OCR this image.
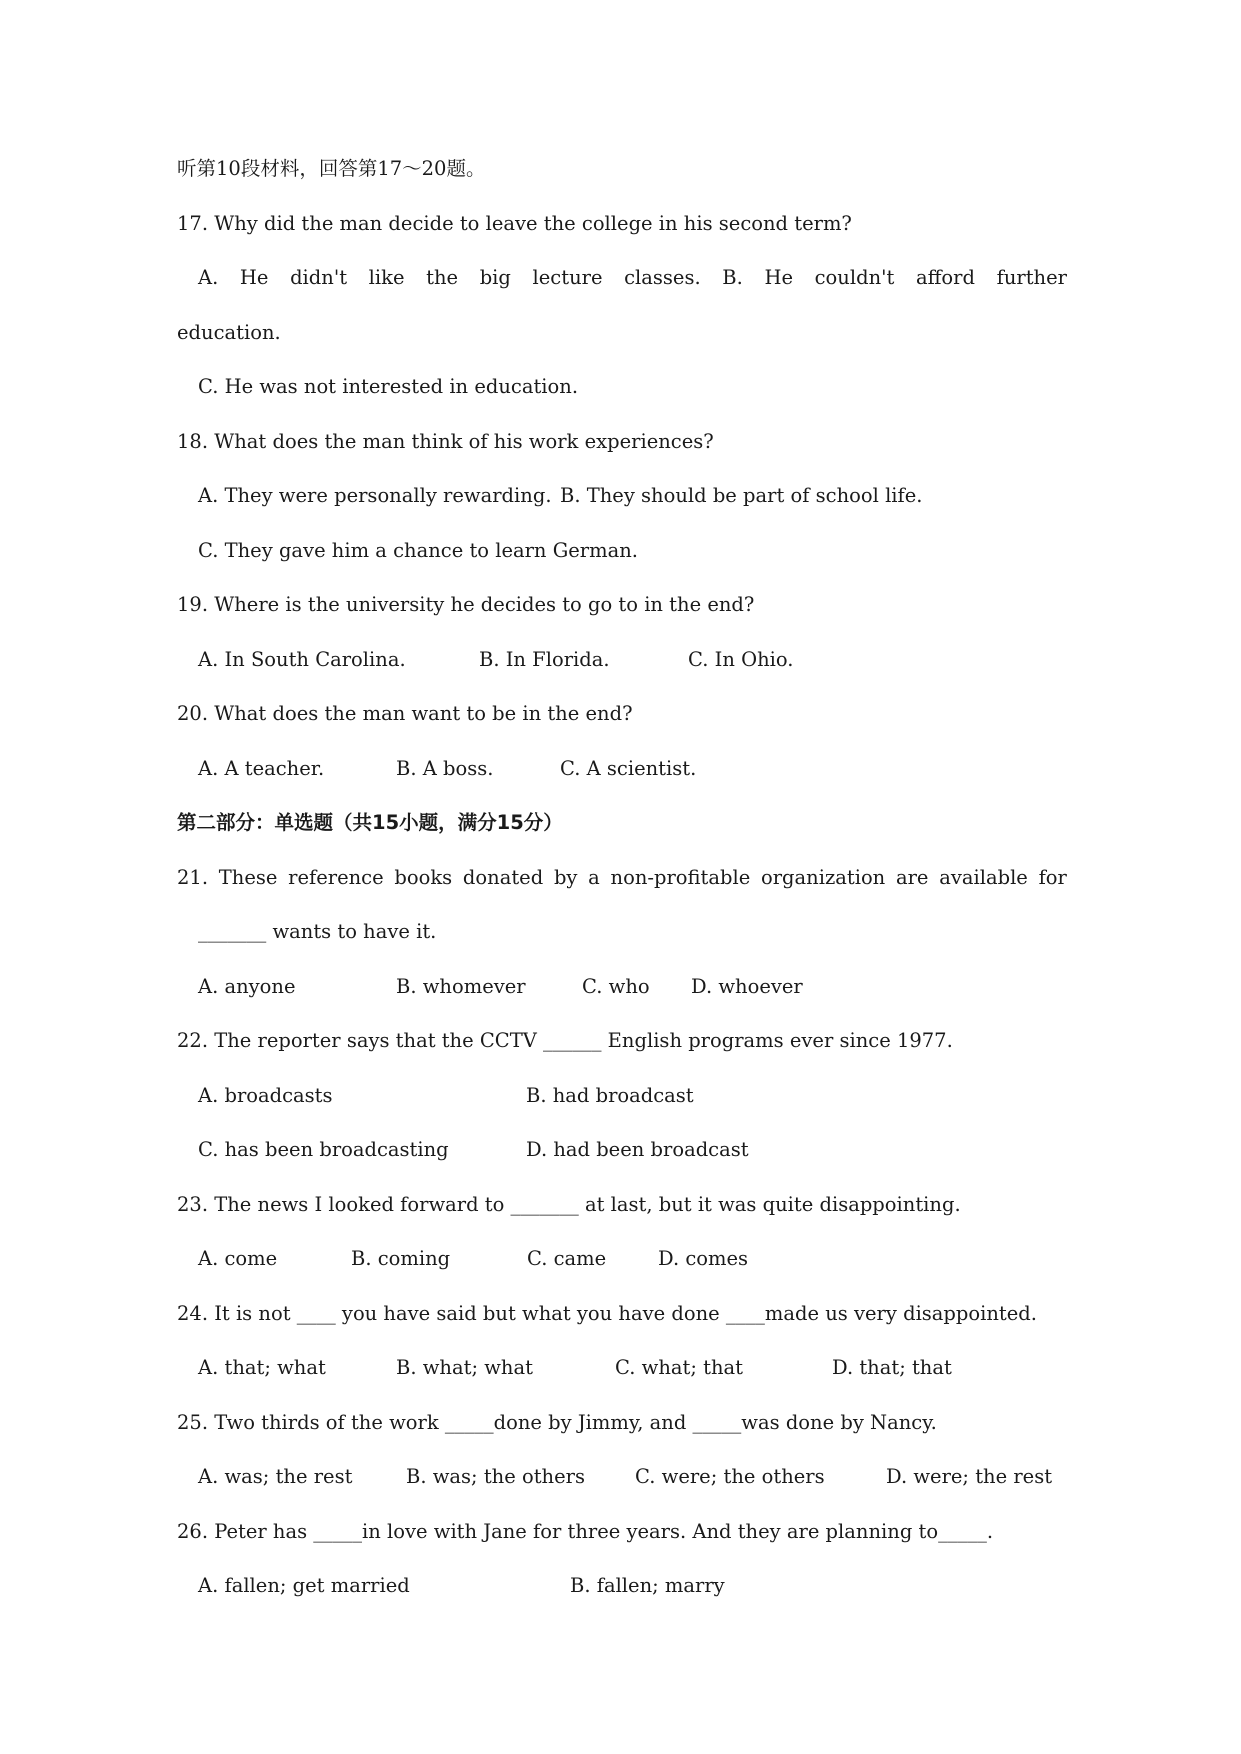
听第10段材料，回答第17～20题。
17. Why did the man decide to leave the college in his second term?
A. He didn't like the big lecture classes. B. He couldn't afford further
education.
C. He was not interested in education.
18. What does the man think of his work experiences?
A. They were personally rewarding. B. They should be part of school life.
C. They gave him a chance to learn German.
19. Where is the university he decides to go to in the end?
A. In South Carolina.	B. In Florida.	C. In Ohio.
20. What does the man want to be in the end?
A. A teacher.	B. A boss.	C. A scientist.
第二部分：单选题（共15小题，满分15分）
21. These reference books donated by a non-profitable organization are available for
_______ wants to have it.
A. anyone	B. whomever	C. who	D. whoever
22. The reporter says that the CCTV ______ English programs ever since 1977.
A. broadcasts	B. had broadcast
C. has been broadcasting	D. had been broadcast
23. The news I looked forward to _______ at last, but it was quite disappointing.
A. come	B. coming	C. came	D. comes
24. It is not ____ you have said but what you have done ____made us very disappointed.
A. that; what	B. what; what	C. what; that	D. that; that
25. Two thirds of the work _____done by Jimmy, and _____was done by Nancy.
A. was; the rest	B. was; the others	C. were; the others	D. were; the rest
26. Peter has _____in love with Jane for three years. And they are planning to_____.
A. fallen; get married	B. fallen; marry
